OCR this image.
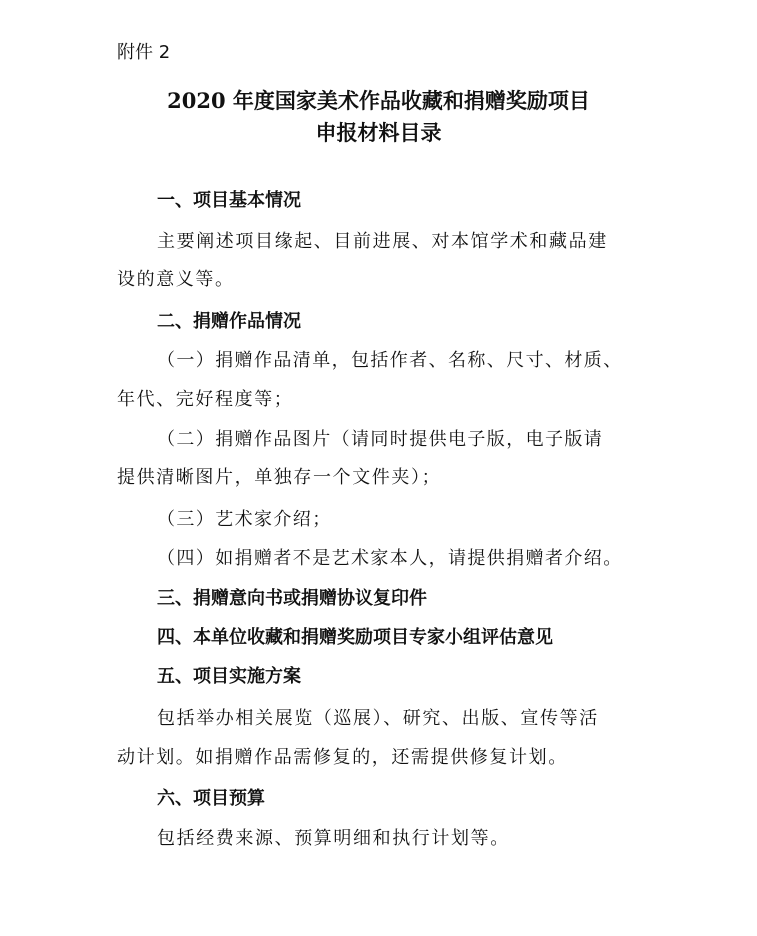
附件 2
2020 年度国家美术作品收藏和捐赠奖励项目
申报材料目录
一、项目基本情况
主要阐述项目缘起、目前进展、对本馆学术和藏品建
设的意义等。
二、捐赠作品情况
（一）捐赠作品清单，包括作者、名称、尺寸、材质、
年代、完好程度等；
（二）捐赠作品图片（请同时提供电子版，电子版请
提供清晰图片，单独存一个文件夹）；
（三）艺术家介绍；
（四）如捐赠者不是艺术家本人，请提供捐赠者介绍。
三、捐赠意向书或捐赠协议复印件
四、本单位收藏和捐赠奖励项目专家小组评估意见
五、项目实施方案
包括举办相关展览（巡展）、研究、出版、宣传等活
动计划。如捐赠作品需修复的，还需提供修复计划。
六、项目预算
包括经费来源、预算明细和执行计划等。
